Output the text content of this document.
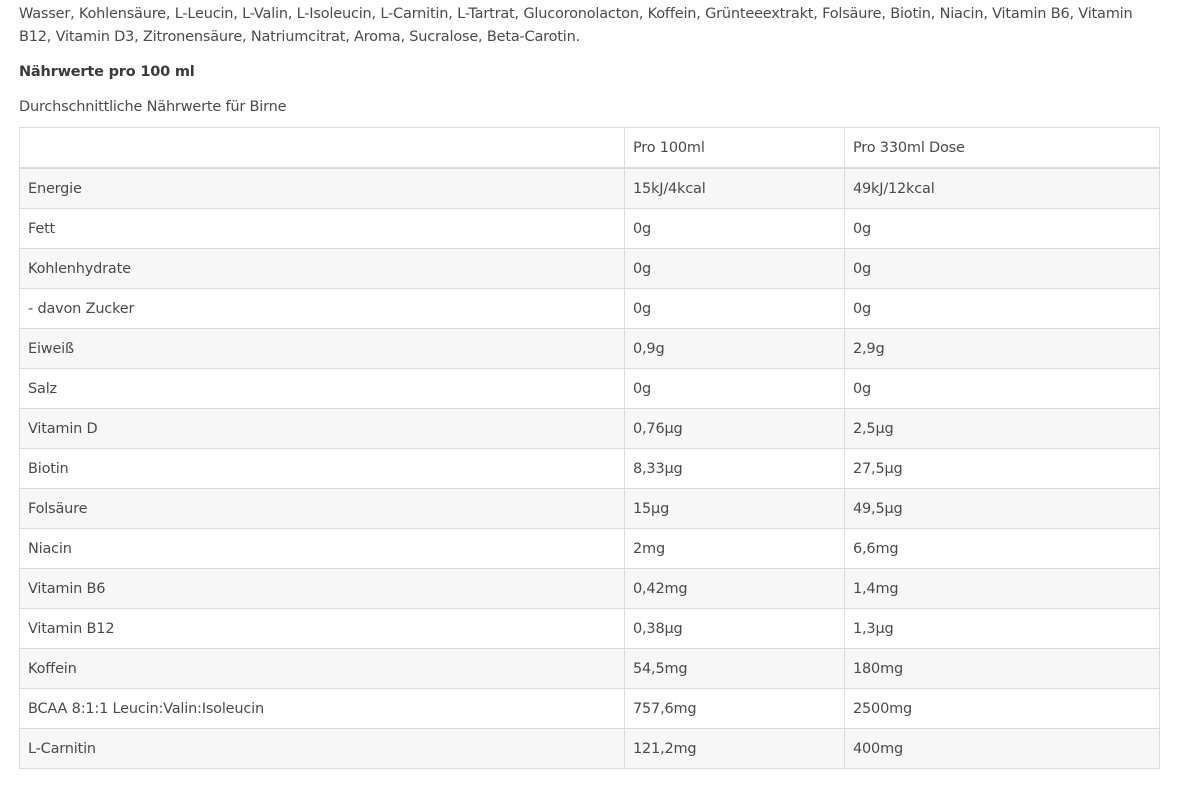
Wasser, Kohlensäure, L-Leucin, L-Valin, L-Isoleucin, L-Carnitin, L-Tartrat, Glucoronolacton, Koffein, Grünteeextrakt, Folsäure, Biotin, Niacin, Vitamin B6, Vitamin B12, Vitamin D3, Zitronensäure, Natriumcitrat, Aroma, Sucralose, Beta-Carotin.

Nährwerte pro 100 ml
Durchschnittliche Nährwerte für Birne
	Pro 100ml	Pro 330ml Dose
Energie	15kJ/4kcal	49kJ/12kcal
Fett	0g	0g
Kohlenhydrate	0g	0g
- davon Zucker	0g	0g
Eiweiß	0,9g	2,9g
Salz	0g	0g
Vitamin D	0,76µg	2,5µg
Biotin	8,33µg	27,5µg
Folsäure	15µg	49,5µg
Niacin	2mg	6,6mg
Vitamin B6	0,42mg	1,4mg
Vitamin B12	0,38µg	1,3µg
Koffein	54,5mg	180mg
BCAA 8:1:1 Leucin:Valin:Isoleucin	757,6mg	2500mg
L-Carnitin	121,2mg	400mg
